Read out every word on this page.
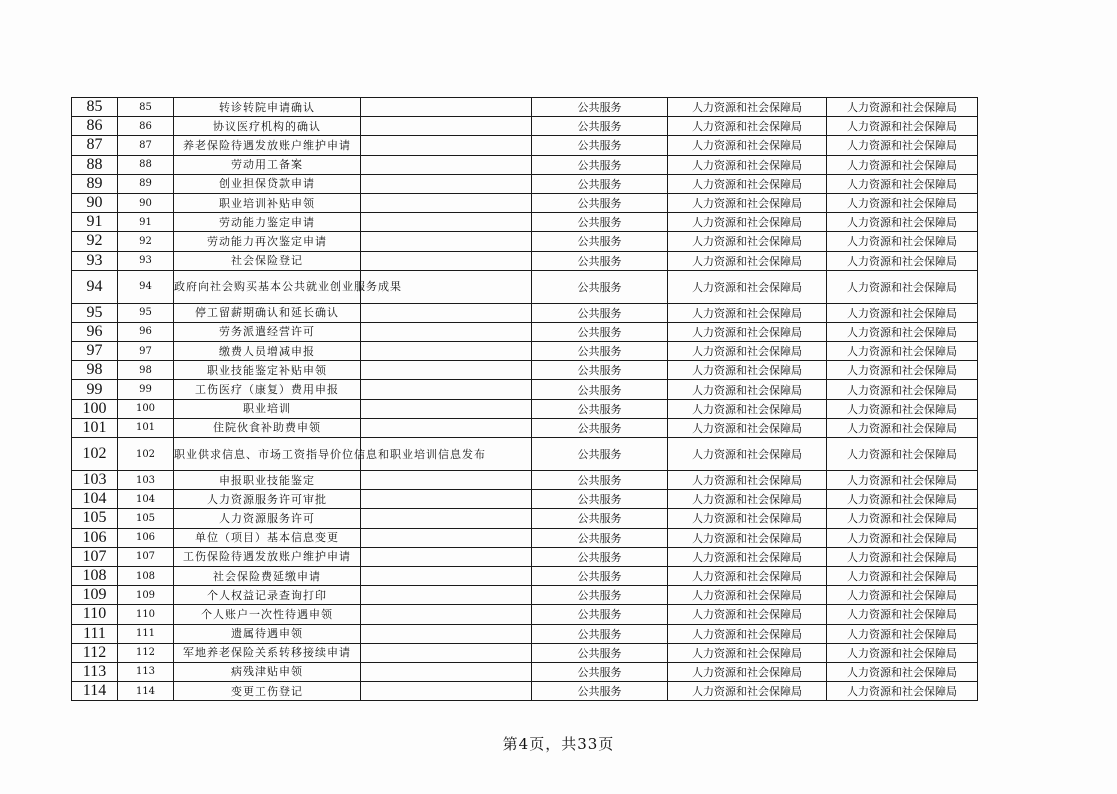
85	85	转诊转院申请确认		公共服务	人力资源和社会保障局	人力资源和社会保障局
86	86	协议医疗机构的确认		公共服务	人力资源和社会保障局	人力资源和社会保障局
87	87	养老保险待遇发放账户维护申请		公共服务	人力资源和社会保障局	人力资源和社会保障局
88	88	劳动用工备案		公共服务	人力资源和社会保障局	人力资源和社会保障局
89	89	创业担保贷款申请		公共服务	人力资源和社会保障局	人力资源和社会保障局
90	90	职业培训补贴申领		公共服务	人力资源和社会保障局	人力资源和社会保障局
91	91	劳动能力鉴定申请		公共服务	人力资源和社会保障局	人力资源和社会保障局
92	92	劳动能力再次鉴定申请		公共服务	人力资源和社会保障局	人力资源和社会保障局
93	93	社会保险登记		公共服务	人力资源和社会保障局	人力资源和社会保障局
94	94	政府向社会购买基本公共就业创业服务成果		公共服务	人力资源和社会保障局	人力资源和社会保障局
95	95	停工留薪期确认和延长确认		公共服务	人力资源和社会保障局	人力资源和社会保障局
96	96	劳务派遣经营许可		公共服务	人力资源和社会保障局	人力资源和社会保障局
97	97	缴费人员增减申报		公共服务	人力资源和社会保障局	人力资源和社会保障局
98	98	职业技能鉴定补贴申领		公共服务	人力资源和社会保障局	人力资源和社会保障局
99	99	工伤医疗（康复）费用申报		公共服务	人力资源和社会保障局	人力资源和社会保障局
100	100	职业培训		公共服务	人力资源和社会保障局	人力资源和社会保障局
101	101	住院伙食补助费申领		公共服务	人力资源和社会保障局	人力资源和社会保障局
102	102	职业供求信息、市场工资指导价位信息和职业培训信息发布		公共服务	人力资源和社会保障局	人力资源和社会保障局
103	103	申报职业技能鉴定		公共服务	人力资源和社会保障局	人力资源和社会保障局
104	104	人力资源服务许可审批		公共服务	人力资源和社会保障局	人力资源和社会保障局
105	105	人力资源服务许可		公共服务	人力资源和社会保障局	人力资源和社会保障局
106	106	单位（项目）基本信息变更		公共服务	人力资源和社会保障局	人力资源和社会保障局
107	107	工伤保险待遇发放账户维护申请		公共服务	人力资源和社会保障局	人力资源和社会保障局
108	108	社会保险费延缴申请		公共服务	人力资源和社会保障局	人力资源和社会保障局
109	109	个人权益记录查询打印		公共服务	人力资源和社会保障局	人力资源和社会保障局
110	110	个人账户一次性待遇申领		公共服务	人力资源和社会保障局	人力资源和社会保障局
111	111	遗属待遇申领		公共服务	人力资源和社会保障局	人力资源和社会保障局
112	112	军地养老保险关系转移接续申请		公共服务	人力资源和社会保障局	人力资源和社会保障局
113	113	病残津贴申领		公共服务	人力资源和社会保障局	人力资源和社会保障局
114	114	变更工伤登记		公共服务	人力资源和社会保障局	人力资源和社会保障局
第4页，共33页
